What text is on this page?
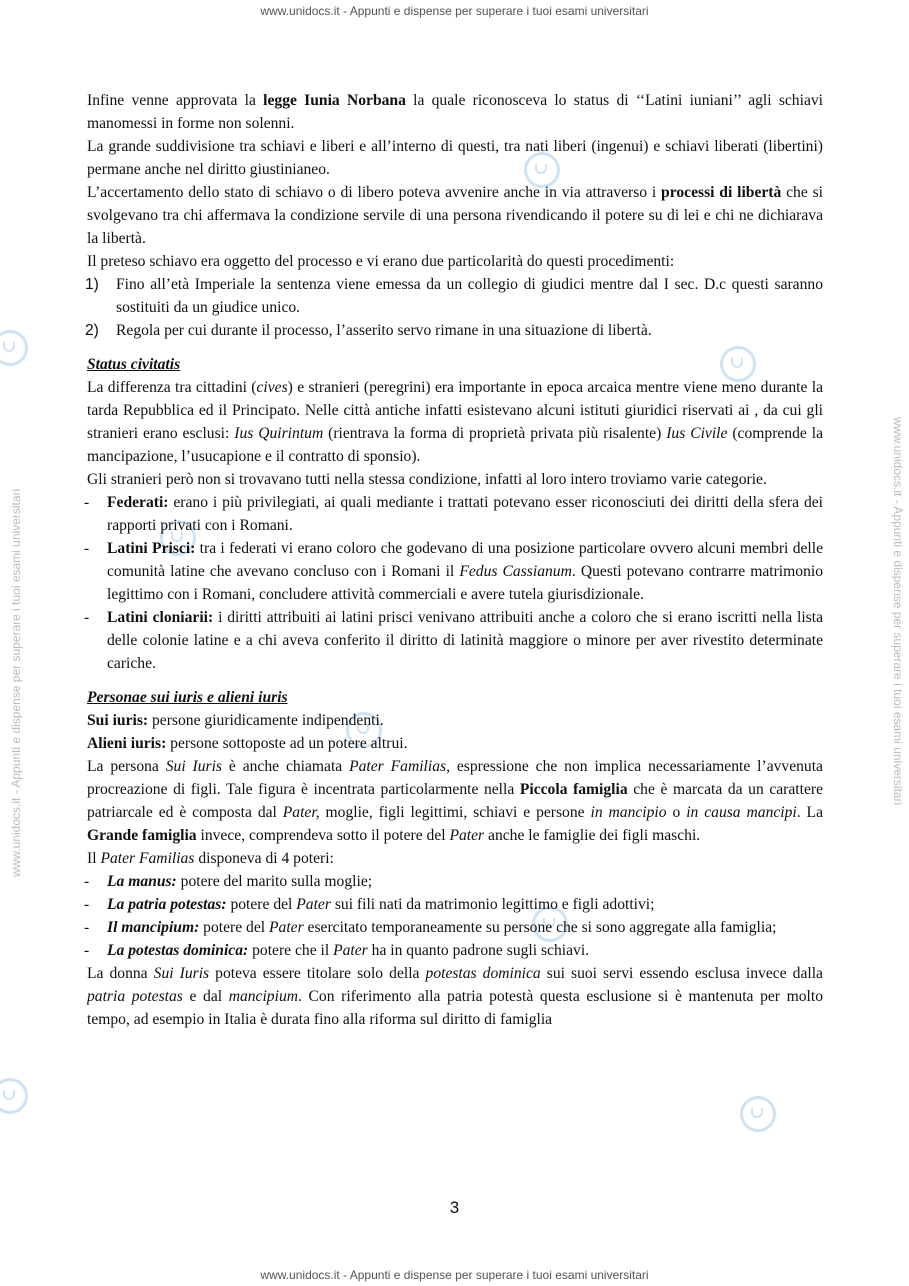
www.unidocs.it - Appunti e dispense per superare i tuoi esami universitari
www.unidocs.it - Appunti e dispense per superare i tuoi esami universitari	www.unidocs.it - Appunti e dispense per superare i tuoi esami universitari

Infine venne approvata la legge Iunia Norbana la quale riconosceva lo status di ‘‘Latini iuniani’’ agli schiavi manomessi in forme non solenni.

La grande suddivisione tra schiavi e liberi e all’interno di questi, tra nati liberi (ingenui) e schiavi liberati (libertini) permane anche nel diritto giustinianeo.

L’accertamento dello stato di schiavo o di libero poteva avvenire anche in via attraverso i processi di libertà che si svolgevano tra chi affermava la condizione servile di una persona rivendicando il potere su di lei e chi ne dichiarava la libertà.

Il preteso schiavo era oggetto del processo e vi erano due particolarità do questi procedimenti:

1) Fino all’età Imperiale la sentenza viene emessa da un collegio di giudici mentre dal I sec. D.c questi saranno sostituiti da un giudice unico.

2) Regola per cui durante il processo, l’asserito servo rimane in una situazione di libertà.

Status civitatis

La differenza tra cittadini (cives) e stranieri (peregrini) era importante in epoca arcaica mentre viene meno durante la tarda Repubblica ed il Principato. Nelle città antiche infatti esistevano alcuni istituti giuridici riservati ai , da cui gli stranieri erano esclusi: Ius Quirintum (rientrava la forma di proprietà privata più risalente) Ius Civile (comprende la mancipazione, l’usucapione e il contratto di sponsio).

Gli stranieri però non si trovavano tutti nella stessa condizione, infatti al loro intero troviamo varie categorie.

-	Federati: erano i più privilegiati, ai quali mediante i trattati potevano esser riconosciuti dei diritti della sfera dei rapporti privati con i Romani.

-	Latini Prisci: tra i federati vi erano coloro che godevano di una posizione particolare ovvero alcuni membri delle comunità latine che avevano concluso con i Romani il Fedus Cassianum. Questi potevano contrarre matrimonio legittimo con i Romani, concludere attività commerciali e avere tutela giurisdizionale.

-	Latini cloniarii: i diritti attribuiti ai latini prisci venivano attribuiti anche a coloro che si erano iscritti nella lista delle colonie latine e a chi aveva conferito il diritto di latinità maggiore o minore per aver rivestito determinate cariche.

Personae sui iuris e alieni iuris

Sui iuris: persone giuridicamente indipendenti.

Alieni iuris: persone sottoposte ad un potere altrui.

La persona Sui Iuris è anche chiamata Pater Familias, espressione che non implica necessariamente l’avvenuta procreazione di figli. Tale figura è incentrata particolarmente nella Piccola famiglia che è marcata da un carattere patriarcale ed è composta dal Pater, moglie, figli legittimi, schiavi e persone in mancipio o in causa mancipi. La Grande famiglia invece, comprendeva sotto il potere del Pater anche le famiglie dei figli maschi.

Il Pater Familias disponeva di 4 poteri:

-	La manus: potere del marito sulla moglie;

-	La patria potestas: potere del Pater sui fili nati da matrimonio legittimo e figli adottivi;

-	Il mancipium: potere del Pater esercitato temporaneamente su persone che si sono aggregate alla famiglia;

-	La potestas dominica: potere che il Pater ha in quanto padrone sugli schiavi.

La donna Sui Iuris poteva essere titolare solo della potestas dominica sui suoi servi essendo esclusa invece dalla patria potestas e dal mancipium. Con riferimento alla patria potestà questa esclusione si è mantenuta per molto tempo, ad esempio in Italia è durata fino alla riforma sul diritto di famiglia

3
www.unidocs.it - Appunti e dispense per superare i tuoi esami universitari
